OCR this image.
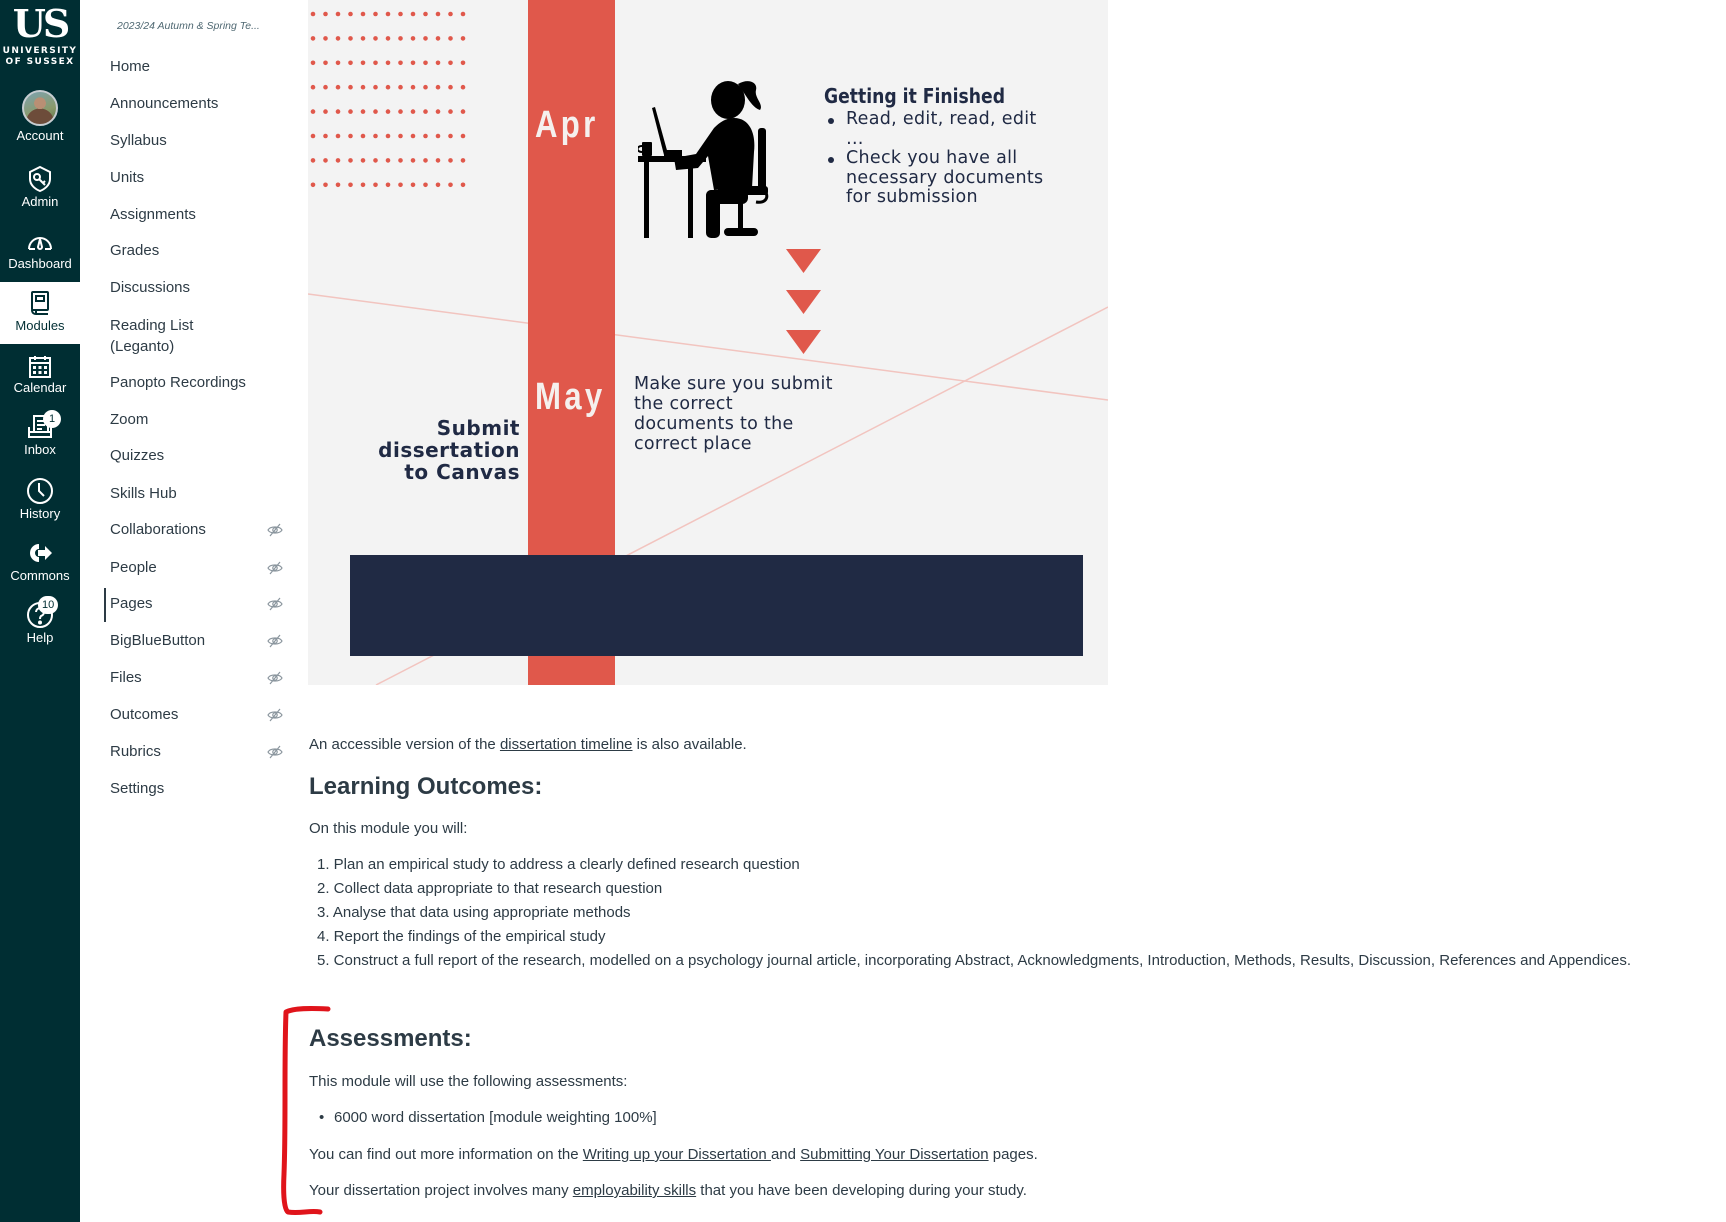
US
UNIVERSITY
OF SUSSEX
Account
Admin
Dashboard
Modules
Calendar
1
Inbox
History
Commons
10
Help
2023/24 Autumn & Spring Te...
Home
Announcements
Syllabus
Units
Assignments
Grades
Discussions
Reading List (Leganto)
Panopto Recordings
Zoom
Quizzes
Skills Hub
Collaborations
People
Pages
BigBlueButton
Files
Outcomes
Rubrics
Settings
Apr
May
Getting it Finished
Read, edit, read, edit …
Check you have all necessary documents for submission
Make sure you submit the correct documents to the correct place
Submit dissertation to Canvas

An accessible version of the dissertation timeline is also available.

Learning Outcomes:

On this module you will:

1. Plan an empirical study to address a clearly defined research question
2. Collect data appropriate to that research question
3. Analyse that data using appropriate methods
4. Report the findings of the empirical study
5. Construct a full report of the research, modelled on a psychology journal article, incorporating Abstract, Acknowledgments, Introduction, Methods, Results, Discussion, References and Appendices.
Assessments:

This module will use the following assessments:

• 6000 word dissertation [module weighting 100%]

You can find out more information on the Writing up your Dissertation and Submitting Your Dissertation pages.

Your dissertation project involves many employability skills that you have been developing during your study.
